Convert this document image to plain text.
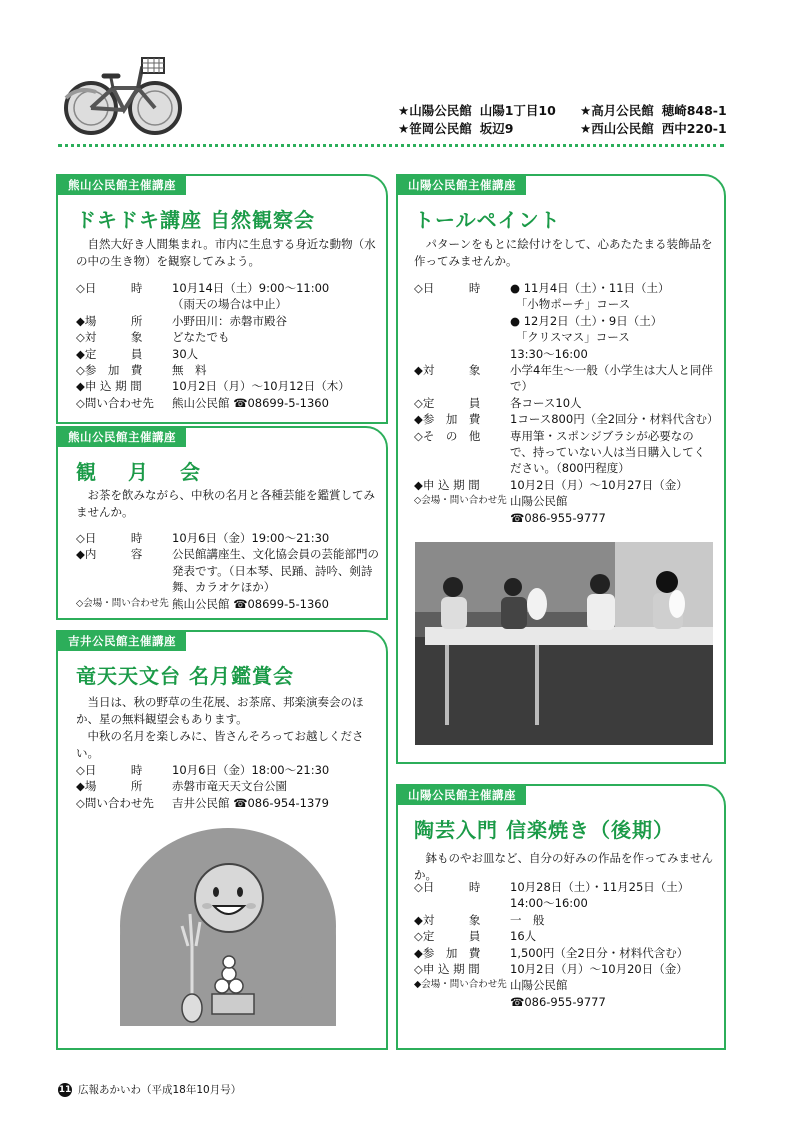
★山陽公民館 山陽1丁目10
★笹岡公民館 坂辺9
★高月公民館 穂崎848-1
★西山公民館 西中220-1
熊山公民館主催講座
ドキドキ講座 自然観察会
　自然大好き人間集まれ。市内に生息する身近な動物（水の中の生き物）を観察してみよう。
◇日　　　時	10月14日（土）9:00〜11:00
（雨天の場合は中止）
◆場　　　所	小野田川：赤磐市殿谷
◇対　　　象	どなたでも
◆定　　　員	30人
◇参　加　費	無　料
◆申 込 期 間	10月2日（月）〜10月12日（木）
◇問い合わせ先	熊山公民館 ☎08699-5-1360
熊山公民館主催講座
観　月　会
　お茶を飲みながら、中秋の名月と各種芸能を鑑賞してみませんか。
◇日　　　時	10月6日（金）19:00〜21:30
◆内　　　容	公民館講座生、文化協会員の芸能部門の発表です。（日本琴、民踊、詩吟、剣詩舞、カラオケほか）
◇会場・問い合わせ先 熊山公民館 ☎08699-5-1360
吉井公民館主催講座
竜天天文台 名月鑑賞会
　当日は、秋の野草の生花展、お茶席、邦楽演奏会のほか、星の無料観望会もあります。
　中秋の名月を楽しみに、皆さんそろってお越しください。
◇日　　　時	10月6日（金）18:00〜21:30
◆場　　　所	赤磐市竜天天文台公園
◇問い合わせ先	吉井公民館 ☎086-954-1379
山陽公民館主催講座
トールペイント
　パターンをもとに絵付けをして、心あたたまる装飾品を作ってみませんか。
◇日　　　時	● 11月4日（土）・11日（土）
　「小物ポーチ」コース
● 12月2日（土）・9日（土）
　「クリスマス」コース
13:30〜16:00
◆対　　　象	小学4年生〜一般（小学生は大人と同伴で）
◇定　　　員	各コース10人
◆参　加　費	1コース800円（全2回分・材料代含む）
◇そ　の　他	専用筆・スポンジブラシが必要なので、持っていない人は当日購入してください。（800円程度）
◆申 込 期 間	10月2日（月）〜10月27日（金）
◇会場・問い合わせ先 山陽公民館
☎086-955-9777
山陽公民館主催講座
陶芸入門 信楽焼き（後期）
　鉢ものやお皿など、自分の好みの作品を作ってみませんか。
◇日　　　時	10月28日（土）・11月25日（土）
14:00〜16:00
◆対　　　象	一　般
◇定　　　員	16人
◆参　加　費	1,500円（全2日分・材料代含む）
◇申 込 期 間	10月2日（月）〜10月20日（金）
◆会場・問い合わせ先 山陽公民館
☎086-955-9777
11 広報あかいわ（平成18年10月号）
